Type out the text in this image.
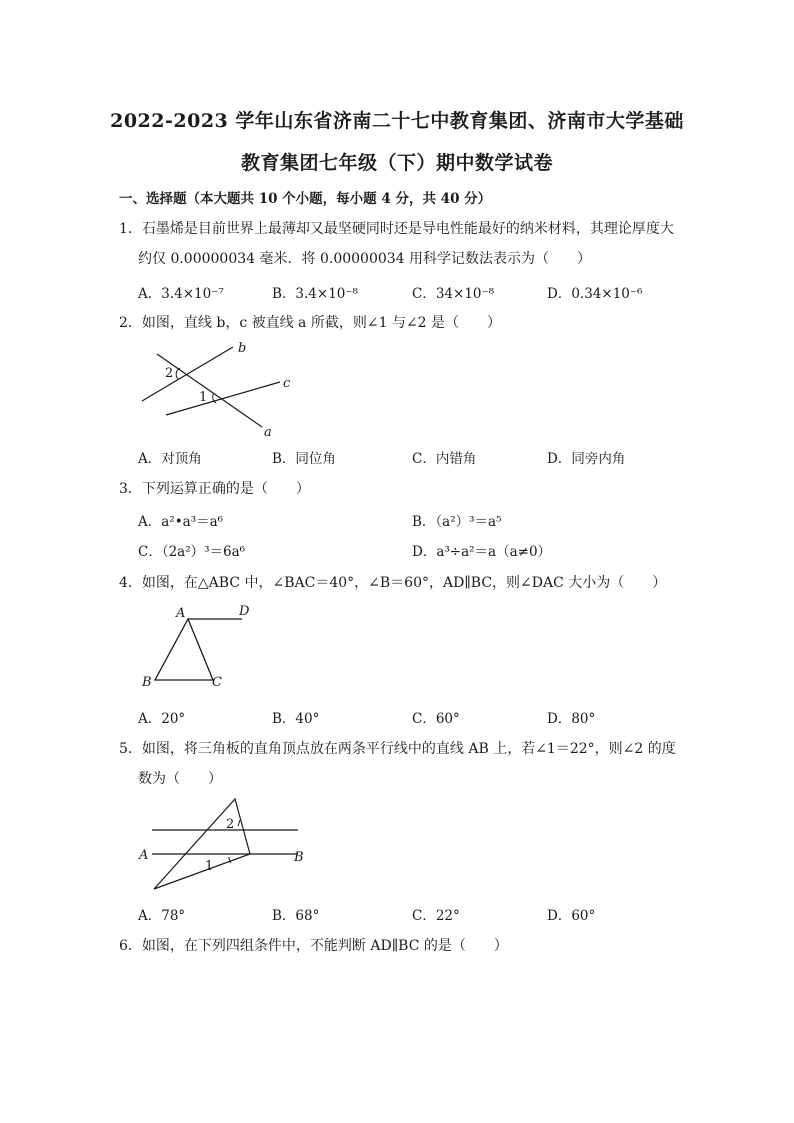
2022-2023 学年山东省济南二十七中教育集团、济南市大学基础
教育集团七年级（下）期中数学试卷
一、选择题（本大题共 10 个小题，每小题 4 分，共 40 分）
1．石墨烯是目前世界上最薄却又最坚硬同时还是导电性能最好的纳米材料，其理论厚度大
约仅 0.00000034 毫米．将 0.00000034 用科学记数法表示为（　　）
A．3.4×10⁻⁷	B．3.4×10⁻⁸	C．34×10⁻⁸	D．0.34×10⁻⁶
2．如图，直线 b，c 被直线 a 所截，则∠1 与∠2 是（　　）
b
c
a
2
1
A．对顶角	B．同位角	C．内错角	D．同旁内角
3．下列运算正确的是（　　）
A．a²•a³＝a⁶	B．（a²）³＝a⁵
C．（2a²）³＝6a⁶	D．a³÷a²＝a（a≠0）
4．如图，在△ABC 中，∠BAC＝40°，∠B＝60°，AD∥BC，则∠DAC 大小为（　　）
A	D
B	C
A．20°	B．40°	C．60°	D．80°
5．如图，将三角板的直角顶点放在两条平行线中的直线 AB 上，若∠1＝22°，则∠2 的度
数为（　　）
A	B
2
1
A．78°	B．68°	C．22°	D．60°
6．如图，在下列四组条件中，不能判断 AD∥BC 的是（　　）
